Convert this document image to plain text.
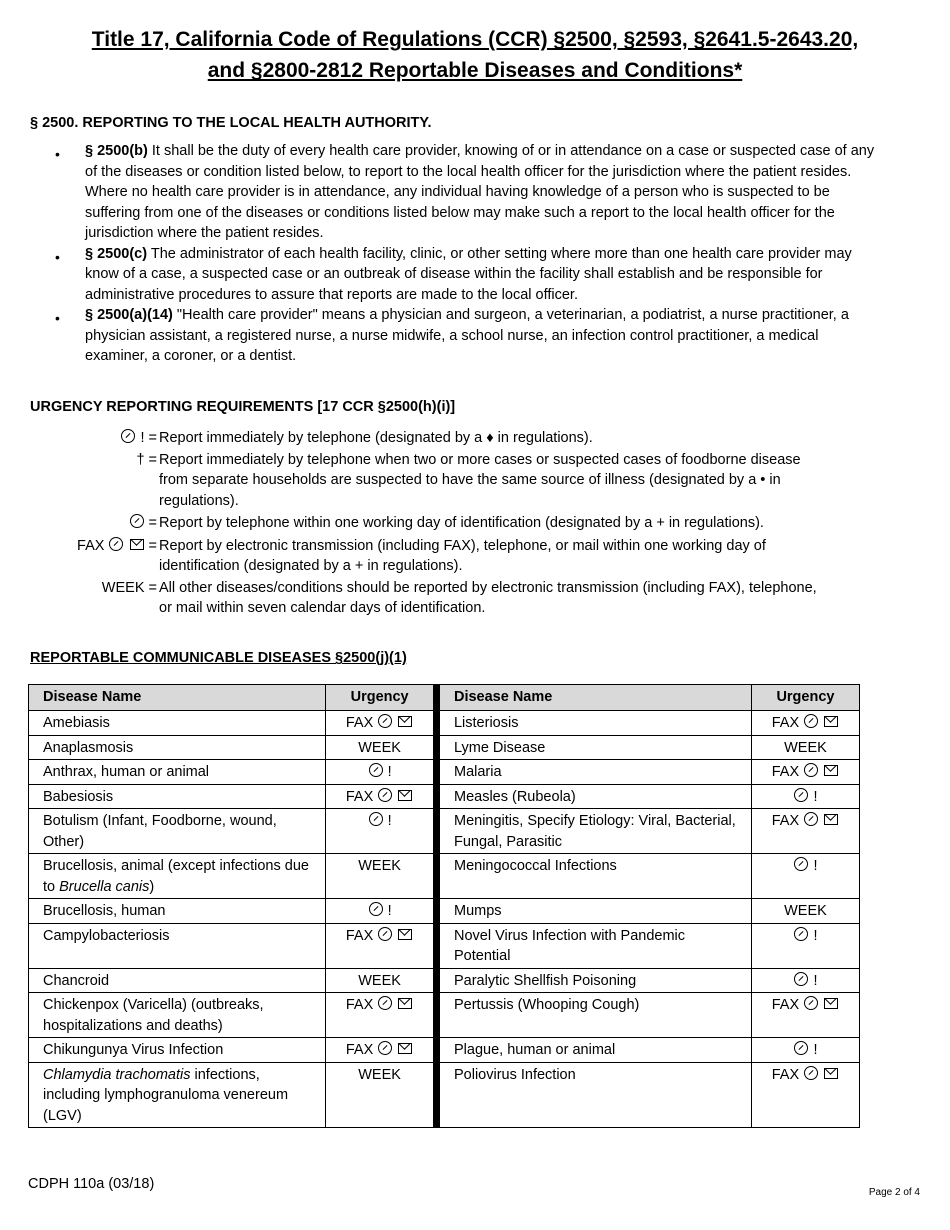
Title 17, California Code of Regulations (CCR) §2500, §2593, §2641.5-2643.20,
and §2800-2812 Reportable Diseases and Conditions*
§ 2500. REPORTING TO THE LOCAL HEALTH AUTHORITY.
• § 2500(b) It shall be the duty of every health care provider, knowing of or in attendance on a case or suspected case of any of the diseases or condition listed below, to report to the local health officer for the jurisdiction where the patient resides. Where no health care provider is in attendance, any individual having knowledge of a person who is suspected to be suffering from one of the diseases or conditions listed below may make such a report to the local health officer for the jurisdiction where the patient resides.
• § 2500(c) The administrator of each health facility, clinic, or other setting where more than one health care provider may know of a case, a suspected case or an outbreak of disease within the facility shall establish and be responsible for administrative procedures to assure that reports are made to the local officer.
• § 2500(a)(14) "Health care provider" means a physician and surgeon, a veterinarian, a podiatrist, a nurse practitioner, a physician assistant, a registered nurse, a nurse midwife, a school nurse, an infection control practitioner, a medical examiner, a coroner, or a dentist.
URGENCY REPORTING REQUIREMENTS [17 CCR §2500(h)(i)]
! = Report immediately by telephone (designated by a ♦ in regulations).
† = Report immediately by telephone when two or more cases or suspected cases of foodborne disease from separate households are suspected to have the same source of illness (designated by a • in regulations).
= Report by telephone within one working day of identification (designated by a + in regulations).
FAX   = Report by electronic transmission (including FAX), telephone, or mail within one working day of identification (designated by a + in regulations).
WEEK = All other diseases/conditions should be reported by electronic transmission (including FAX), telephone, or mail within seven calendar days of identification.
REPORTABLE COMMUNICABLE DISEASES §2500(j)(1)
Disease Name	Urgency		Disease Name	Urgency
Amebiasis	FAX		Listeriosis	FAX
Anaplasmosis	WEEK		Lyme Disease	WEEK
Anthrax, human or animal	!		Malaria	FAX
Babesiosis	FAX		Measles (Rubeola)	!
Botulism (Infant, Foodborne, wound, Other)	!		Meningitis, Specify Etiology: Viral, Bacterial, Fungal, Parasitic	FAX
Brucellosis, animal (except infections due to Brucella canis)	WEEK		Meningococcal Infections	!
Brucellosis, human	!		Mumps	WEEK
Campylobacteriosis	FAX		Novel Virus Infection with Pandemic Potential	!
Chancroid	WEEK		Paralytic Shellfish Poisoning	!
Chickenpox (Varicella) (outbreaks, hospitalizations and deaths)	FAX		Pertussis (Whooping Cough)	FAX
Chikungunya Virus Infection	FAX		Plague, human or animal	!
Chlamydia trachomatis infections, including lymphogranuloma venereum (LGV)	WEEK		Poliovirus Infection	FAX
CDPH 110a (03/18)
Page 2 of 4
